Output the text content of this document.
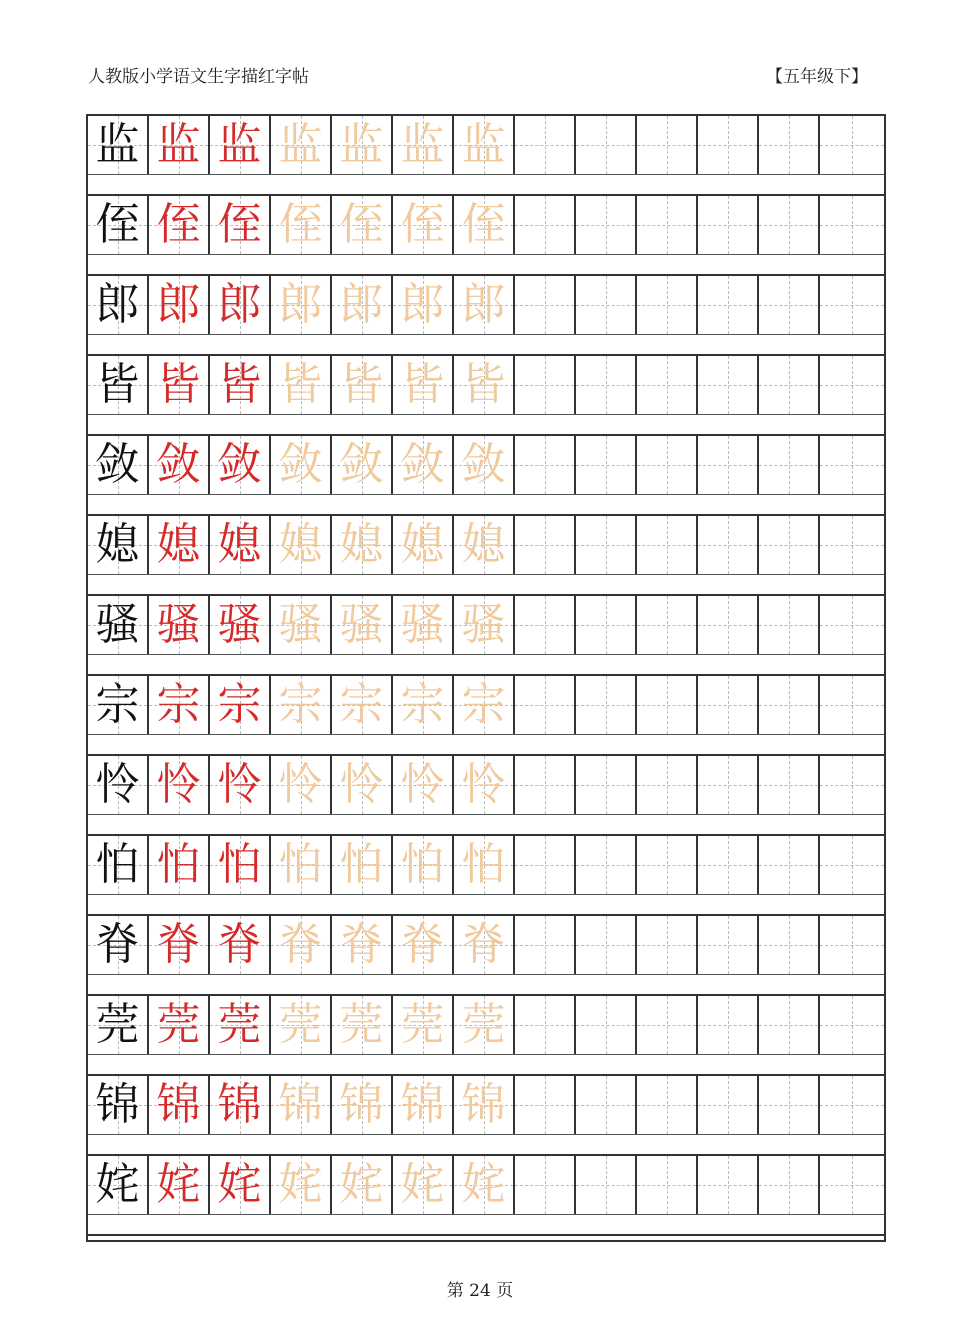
人教版小学语文生字描红字帖	【五年级下】
监 监 监 监 监 监 监
侄 侄 侄 侄 侄 侄 侄
郎 郎 郎 郎 郎 郎 郎
皆 皆 皆 皆 皆 皆 皆
敛 敛 敛 敛 敛 敛 敛
媳 媳 媳 媳 媳 媳 媳
骚 骚 骚 骚 骚 骚 骚
宗 宗 宗 宗 宗 宗 宗
怜 怜 怜 怜 怜 怜 怜
怕 怕 怕 怕 怕 怕 怕
脊 脊 脊 脊 脊 脊 脊
莞 莞 莞 莞 莞 莞 莞
锦 锦 锦 锦 锦 锦 锦
姹 姹 姹 姹 姹 姹 姹
第 24 页
